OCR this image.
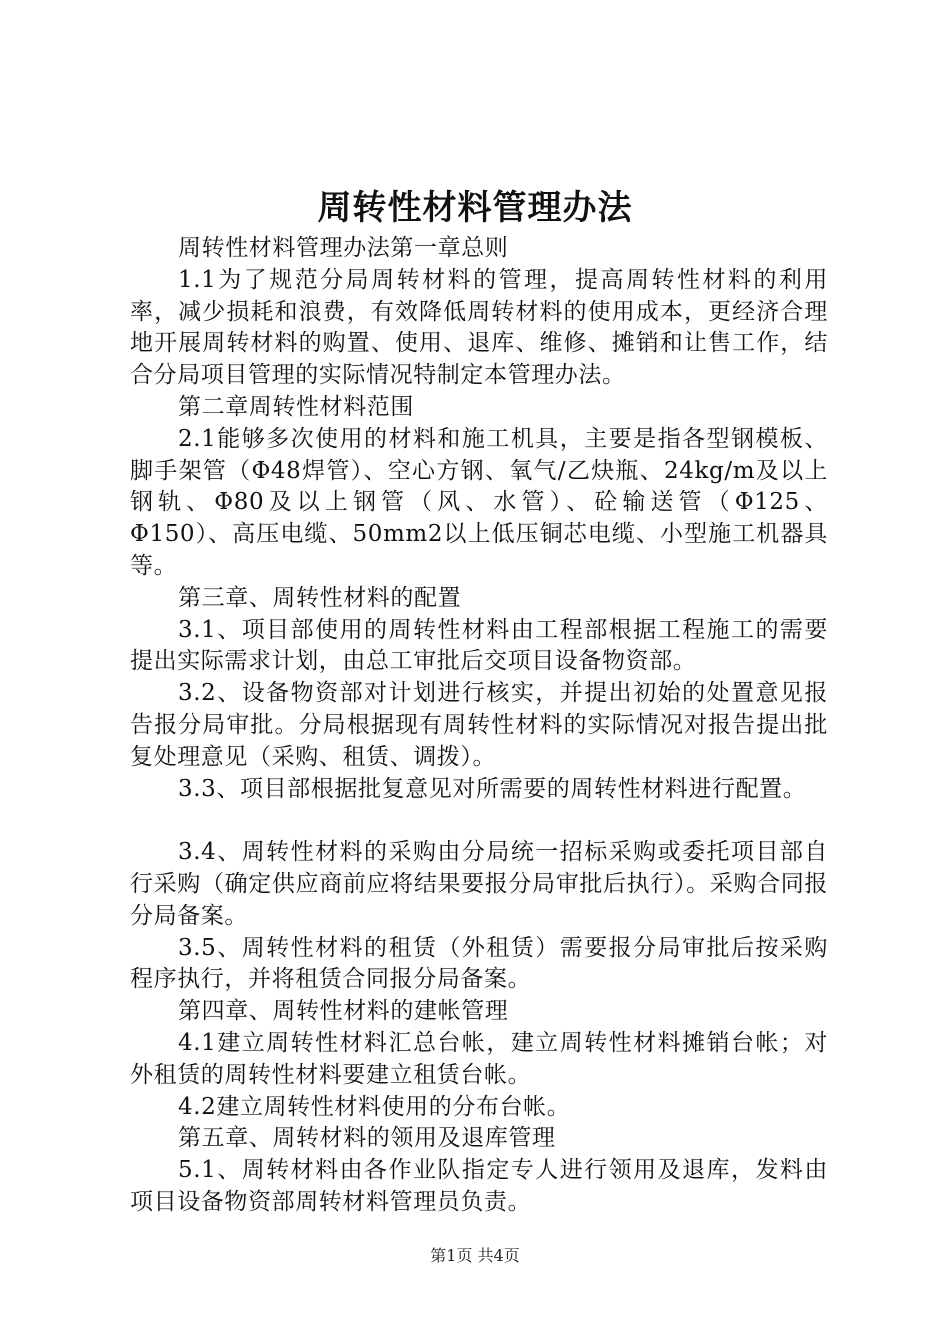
周转性材料管理办法

周转性材料管理办法第一章总则

1.1为了规范分局周转材料的管理，提高周转性材料的利用率，减少损耗和浪费，有效降低周转材料的使用成本，更经济合理地开展周转材料的购置、使用、退库、维修、摊销和让售工作，结合分局项目管理的实际情况特制定本管理办法。

第二章周转性材料范围

2.1能够多次使用的材料和施工机具，主要是指各型钢模板、脚手架管（Φ48焊管）、空心方钢、氧气/乙炔瓶、24kg/m及以上钢轨、Φ80及以上钢管（风、水管）、砼输送管（Φ125、Φ150）、高压电缆、50mm2以上低压铜芯电缆、小型施工机器具等。

第三章、周转性材料的配置

3.1、项目部使用的周转性材料由工程部根据工程施工的需要提出实际需求计划，由总工审批后交项目设备物资部。

3.2、设备物资部对计划进行核实，并提出初始的处置意见报告报分局审批。分局根据现有周转性材料的实际情况对报告提出批复处理意见（采购、租赁、调拨）。

3.3、项目部根据批复意见对所需要的周转性材料进行配置。

3.4、周转性材料的采购由分局统一招标采购或委托项目部自行采购（确定供应商前应将结果要报分局审批后执行）。采购合同报分局备案。

3.5、周转性材料的租赁（外租赁）需要报分局审批后按采购程序执行，并将租赁合同报分局备案。

第四章、周转性材料的建帐管理

4.1建立周转性材料汇总台帐，建立周转性材料摊销台帐；对外租赁的周转性材料要建立租赁台帐。

4.2建立周转性材料使用的分布台帐。

第五章、周转材料的领用及退库管理

5.1、周转材料由各作业队指定专人进行领用及退库，发料由项目设备物资部周转材料管理员负责。

第1页 共4页
